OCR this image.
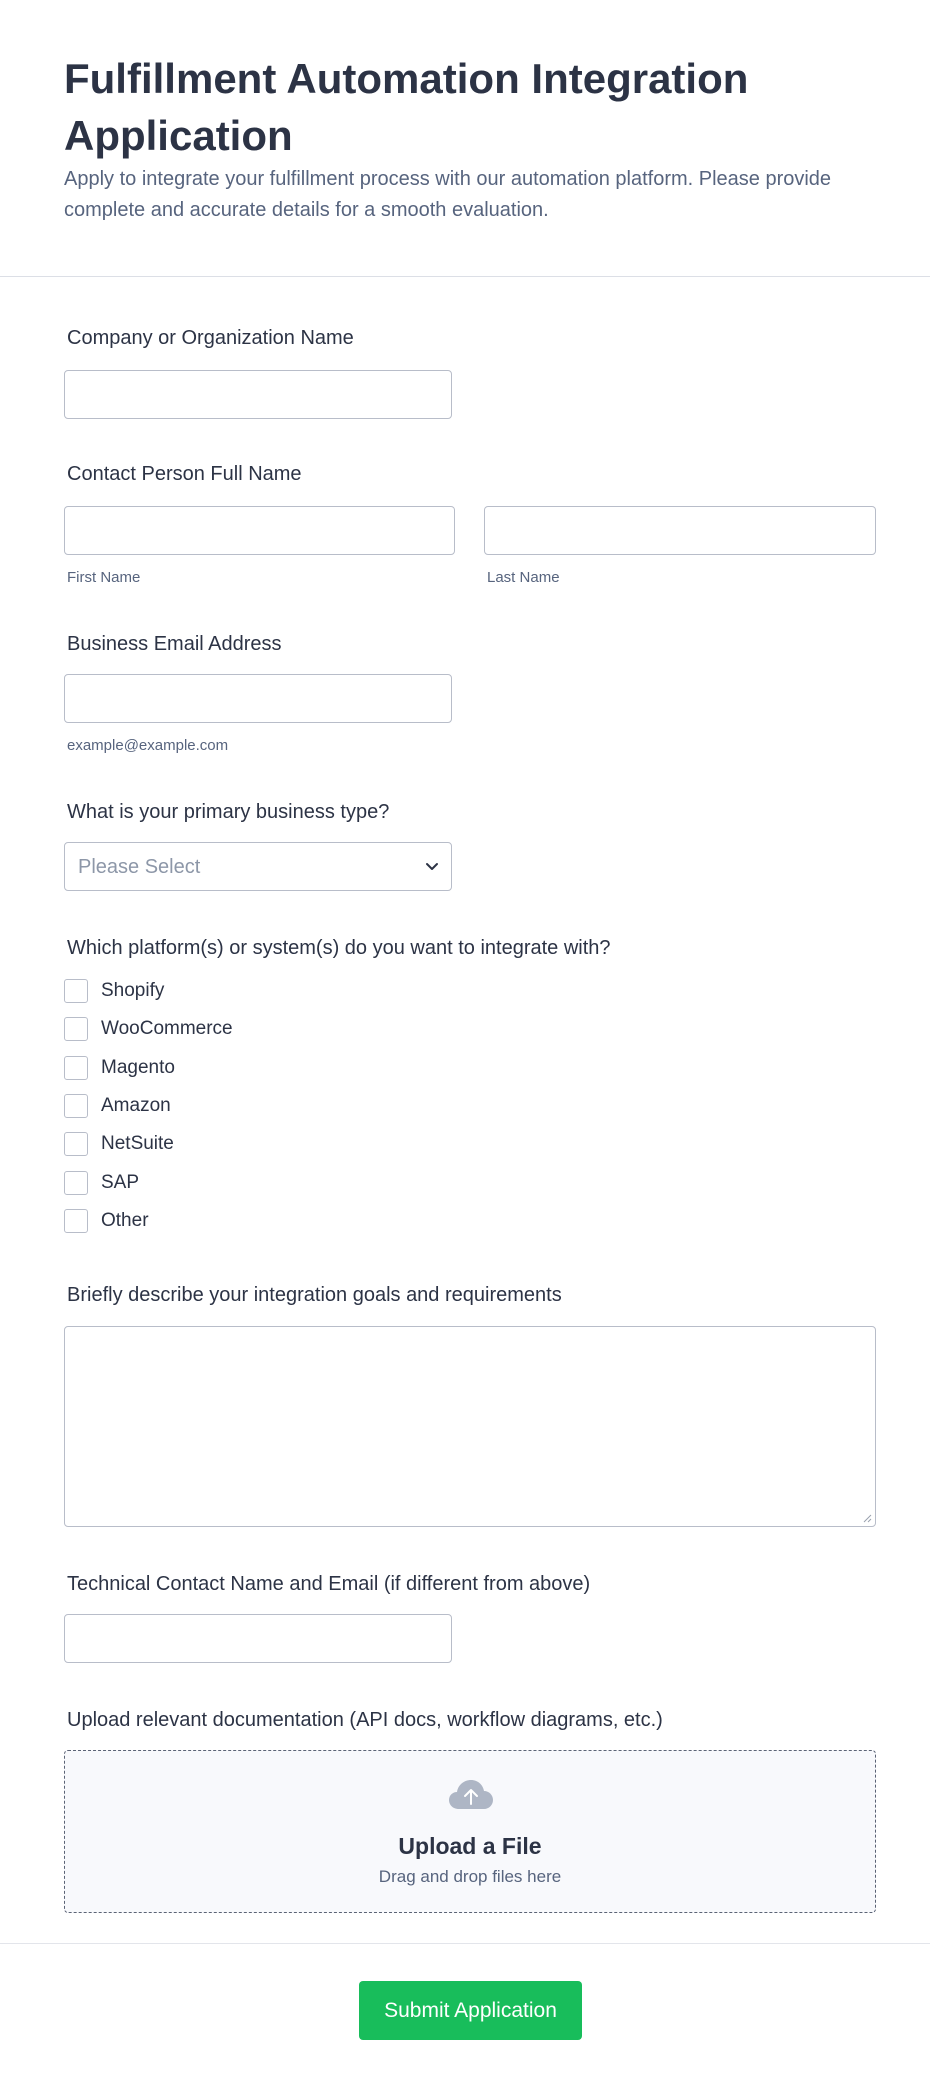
Fulfillment Automation Integration Application

Apply to integrate your fulfillment process with our automation platform. Please provide complete and accurate details for a smooth evaluation.

Company or Organization Name
Contact Person Full Name
First Name	Last Name
Business Email Address
example@example.com
What is your primary business type?
Please Select
Which platform(s) or system(s) do you want to integrate with?
Shopify
WooCommerce
Magento
Amazon
NetSuite
SAP
Other
Briefly describe your integration goals and requirements
Technical Contact Name and Email (if different from above)
Upload relevant documentation (API docs, workflow diagrams, etc.)
Upload a File
Drag and drop files here
Submit Application
